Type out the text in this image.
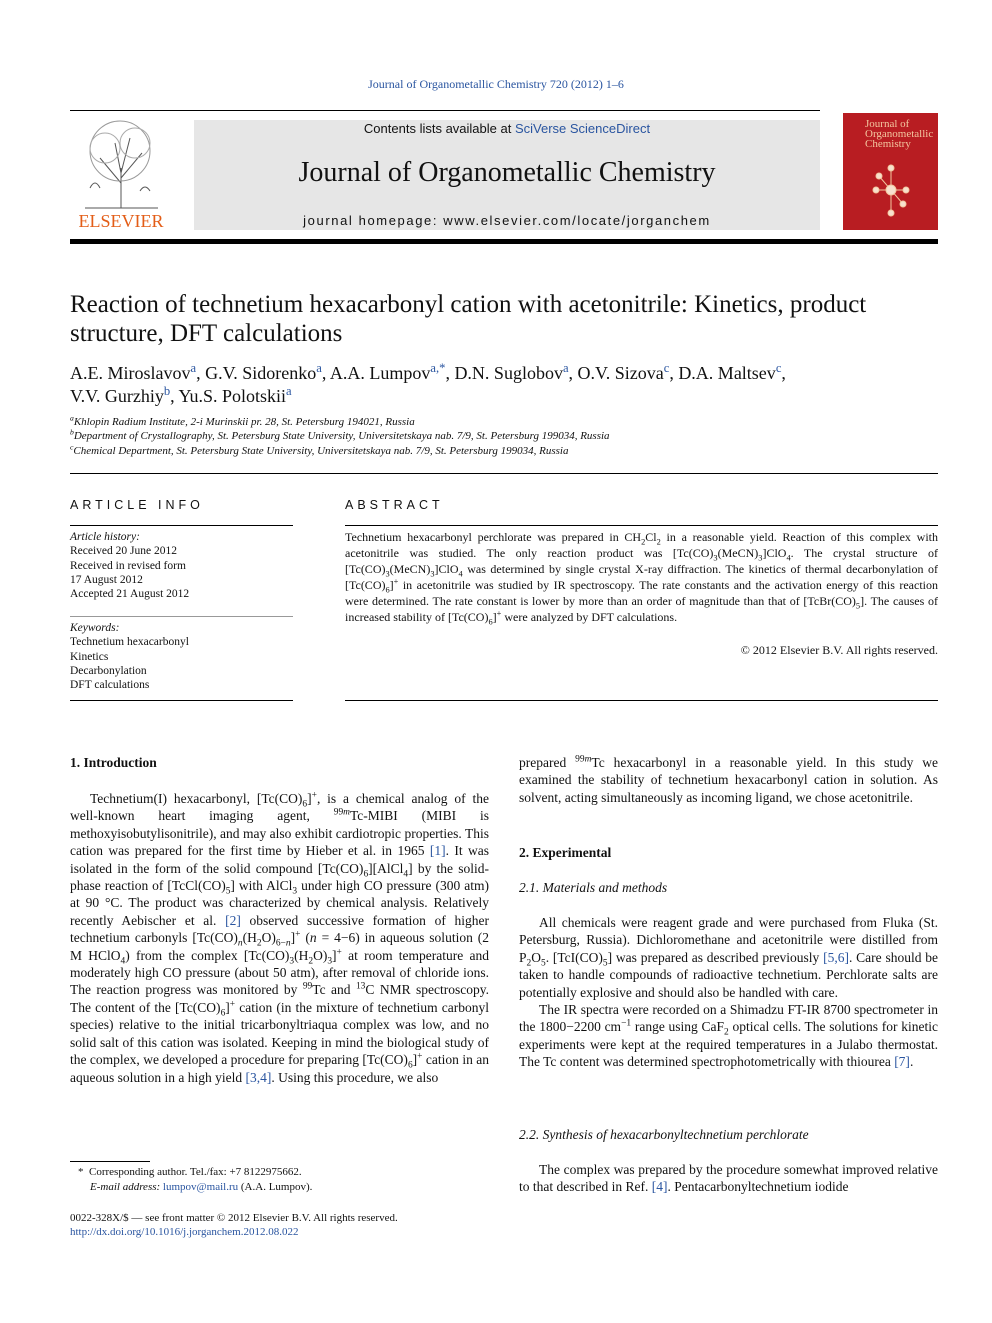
Journal of Organometallic Chemistry 720 (2012) 1–6
ELSEVIER
Contents lists available at SciVerse ScienceDirect
Journal of Organometallic Chemistry
journal homepage: www.elsevier.com/locate/jorganchem
Journal of Organometallic Chemistry
Reaction of technetium hexacarbonyl cation with acetonitrile: Kinetics, product structure, DFT calculations
A.E. Miroslavov$^a$, G.V. Sidorenko$^a$, A.A. Lumpov$^{a,*}$, D.N. Suglobov$^a$, O.V. Sizova$^c$, D.A. Maltsev$^c$,
V.V. Gurzhiy$^b$, Yu.S. Polotskii$^a$
$^a$Khlopin Radium Institute, 2-i Murinskii pr. 28, St. Petersburg 194021, Russia
$^b$Department of Crystallography, St. Petersburg State University, Universitetskaya nab. 7/9, St. Petersburg 199034, Russia
$^c$Chemical Department, St. Petersburg State University, Universitetskaya nab. 7/9, St. Petersburg 199034, Russia
ARTICLE INFO
Article history:
Received 20 June 2012
Received in revised form
17 August 2012
Accepted 21 August 2012
Keywords:
Technetium hexacarbonyl
Kinetics
Decarbonylation
DFT calculations
ABSTRACT
Technetium hexacarbonyl perchlorate was prepared in $CH_2Cl_2$ in a reasonable yield. Reaction of this complex with acetonitrile was studied. The only reaction product was $[Tc(CO)_3(MeCN)_3]ClO_4$. The crystal structure of $[Tc(CO)_3(MeCN)_3]ClO_4$ was determined by single crystal X-ray diffraction. The kinetics of thermal decarbonylation of $[Tc(CO)_6]^+$ in acetonitrile was studied by IR spectroscopy. The rate constants and the activation energy of this reaction were determined. The rate constant is lower by more than an order of magnitude than that of $[TcBr(CO)_5]$. The causes of increased stability of $[Tc(CO)_6]^+$ were analyzed by DFT calculations.
© 2012 Elsevier B.V. All rights reserved.
1. Introduction

Technetium(I) hexacarbonyl, $[Tc(CO)_6]^+$, is a chemical analog of the well-known heart imaging agent, $^{99m}$Tc-MIBI (MIBI is methoxyisobutylisonitrile), and may also exhibit cardiotropic properties. This cation was prepared for the first time by Hieber et al. in 1965 [1]. It was isolated in the form of the solid compound $[Tc(CO)_6][AlCl_4]$ by the solid-phase reaction of $[TcCl(CO)_5]$ with AlCl$_3$ under high CO pressure (300 atm) at 90 °C. The product was characterized by chemical analysis. Relatively recently Aebischer et al. [2] observed successive formation of higher technetium carbonyls $[Tc(CO)_n(H_2O)_{6-n}]^+$ (n = 4−6) in aqueous solution (2 M HClO$_4$) from the complex $[Tc(CO)_3(H_2O)_3]^+$ at room temperature and moderately high CO pressure (about 50 atm), after removal of chloride ions. The reaction progress was monitored by $^{99}$Tc and $^{13}$C NMR spectroscopy. The content of the $[Tc(CO)_6]^+$ cation (in the mixture of technetium carbonyl species) relative to the initial tricarbonyltriaqua complex was low, and no solid salt of this cation was isolated. Keeping in mind the biological study of the complex, we developed a procedure for preparing $[Tc(CO)_6]^+$ cation in an aqueous solution in a high yield [3,4]. Using this procedure, we also

*  Corresponding author. Tel./fax: +7 8122975662.
E-mail address: lumpov@mail.ru (A.A. Lumpov).
0022-328X/$ — see front matter © 2012 Elsevier B.V. All rights reserved.
http://dx.doi.org/10.1016/j.jorganchem.2012.08.022
prepared $^{99m}$Tc hexacarbonyl in a reasonable yield. In this study we examined the stability of technetium hexacarbonyl cation in solution. As solvent, acting simultaneously as incoming ligand, we chose acetonitrile.
2. Experimental
2.1. Materials and methods

All chemicals were reagent grade and were purchased from Fluka (St. Petersburg, Russia). Dichloromethane and acetonitrile were distilled from $P_2O_5$. $[TcI(CO)_5]$ was prepared as described previously [5,6]. Care should be taken to handle compounds of radioactive technetium. Perchlorate salts are potentially explosive and should also be handled with care.

The IR spectra were recorded on a Shimadzu FT-IR 8700 spectrometer in the 1800−2200 $cm^{-1}$ range using CaF$_2$ optical cells. The solutions for kinetic experiments were kept at the required temperatures in a Julabo thermostat. The Tc content was determined spectrophotometrically with thiourea [7].

2.2. Synthesis of hexacarbonyltechnetium perchlorate

The complex was prepared by the procedure somewhat improved relative to that described in Ref. [4]. Pentacarbonyltechnetium iodide
